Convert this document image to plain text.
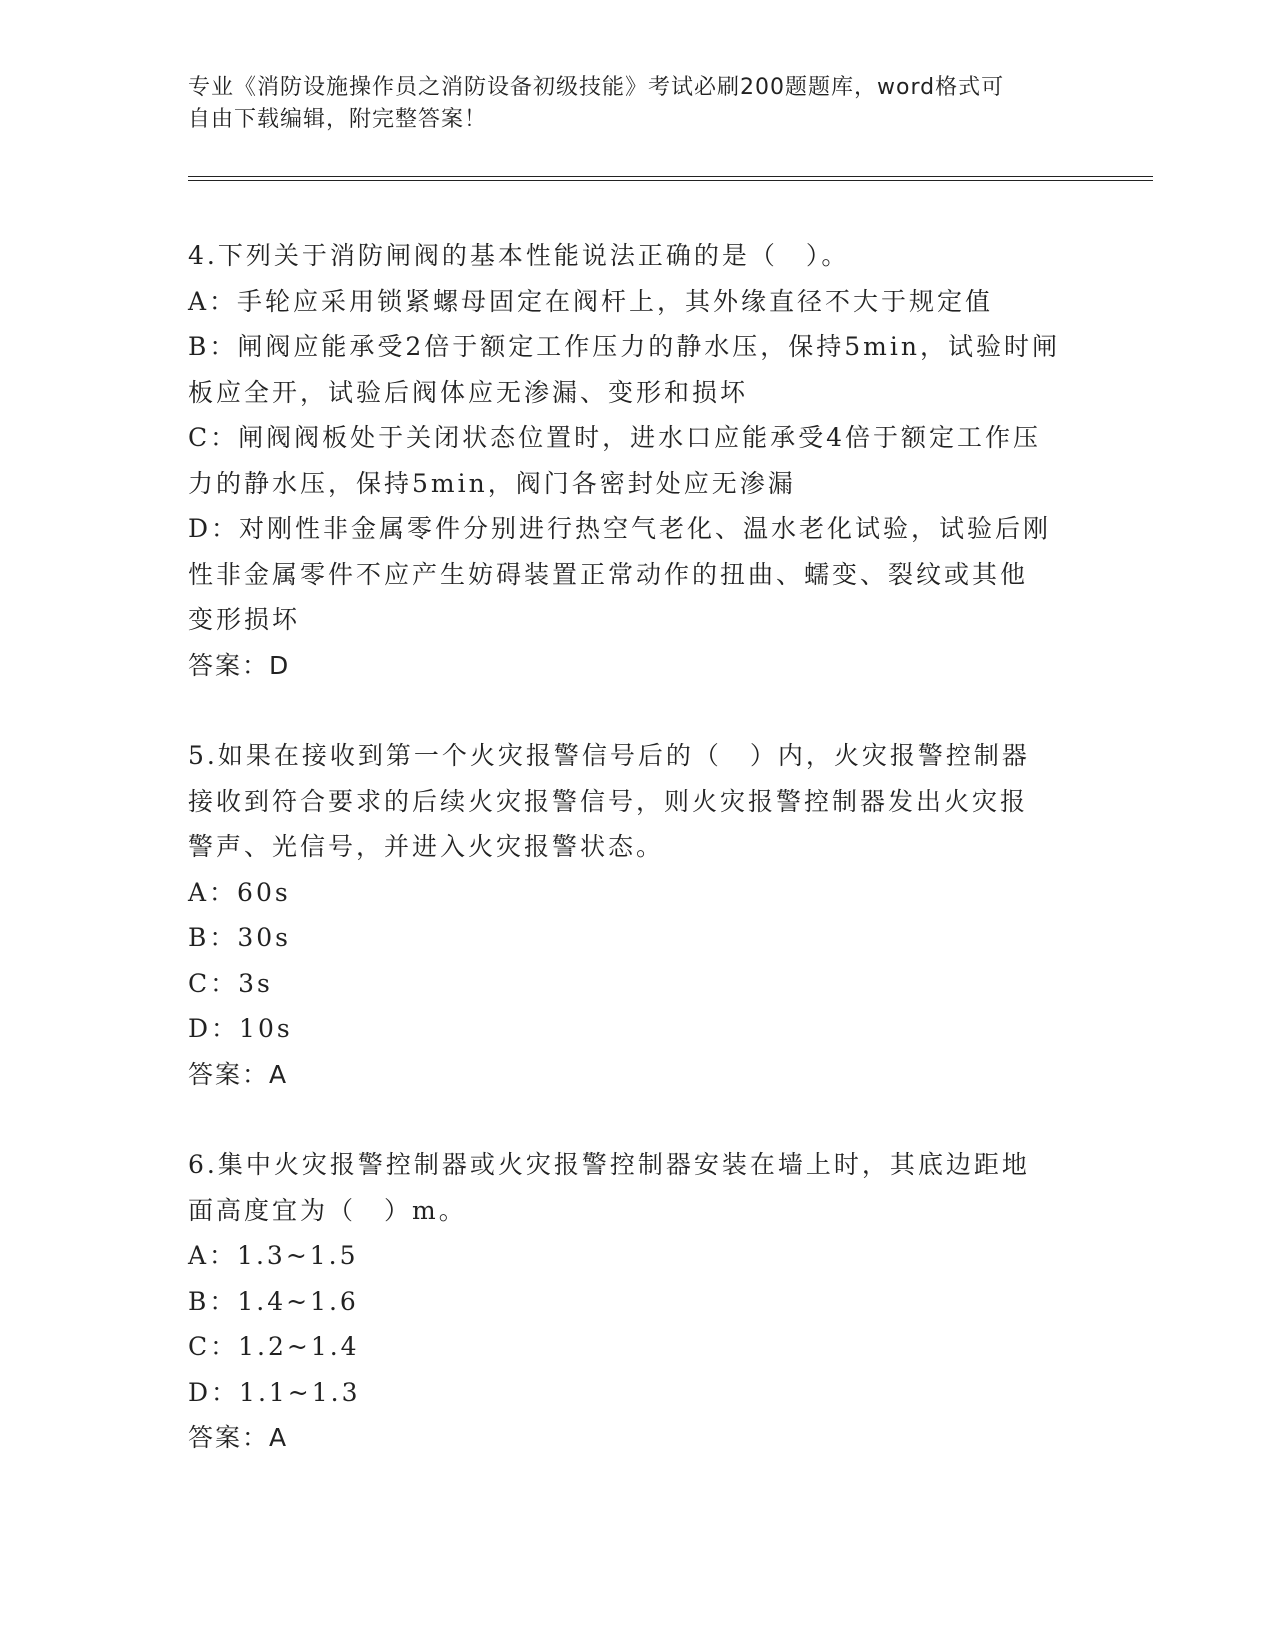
专业《消防设施操作员之消防设备初级技能》考试必刷200题题库，word格式可
自由下载编辑，附完整答案！

4.下列关于消防闸阀的基本性能说法正确的是（　）。

A：手轮应采用锁紧螺母固定在阀杆上，其外缘直径不大于规定值

B：闸阀应能承受2倍于额定工作压力的静水压，保持5min，试验时闸

板应全开，试验后阀体应无渗漏、变形和损坏

C：闸阀阀板处于关闭状态位置时，进水口应能承受4倍于额定工作压

力的静水压，保持5min，阀门各密封处应无渗漏

D：对刚性非金属零件分别进行热空气老化、温水老化试验，试验后刚

性非金属零件不应产生妨碍装置正常动作的扭曲、蠕变、裂纹或其他

变形损坏

答案：D

5.如果在接收到第一个火灾报警信号后的（　）内，火灾报警控制器

接收到符合要求的后续火灾报警信号，则火灾报警控制器发出火灾报

警声、光信号，并进入火灾报警状态。

A：60s

B：30s

C：3s

D：10s

答案：A

6.集中火灾报警控制器或火灾报警控制器安装在墙上时，其底边距地

面高度宜为（　）m。

A：1.3~1.5

B：1.4~1.6

C：1.2~1.4

D：1.1~1.3

答案：A
